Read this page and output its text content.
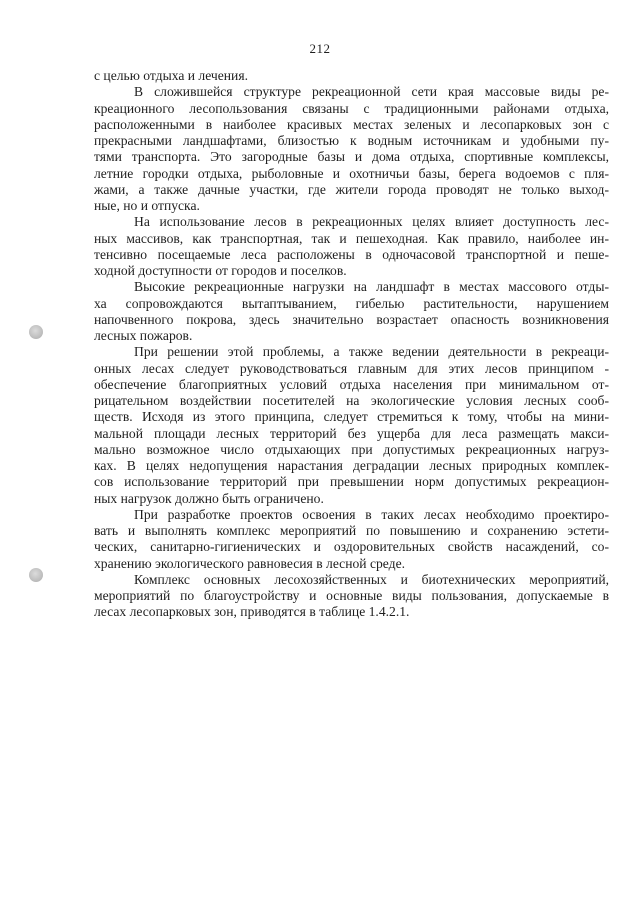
212
с целью отдыха и лечения.
В сложившейся структуре рекреационной сети края массовые виды ре-
креационного лесопользования связаны с традиционными районами отдыха,
расположенными в наиболее красивых местах зеленых и лесопарковых зон с
прекрасными ландшафтами, близостью к водным источникам и удобными пу-
тями транспорта. Это загородные базы и дома отдыха, спортивные комплексы,
летние городки отдыха, рыболовные и охотничьи базы, берега водоемов с пля-
жами, а также дачные участки, где жители города проводят не только выход-
ные, но и отпуска.
На использование лесов в рекреационных целях влияет доступность лес-
ных массивов, как транспортная, так и пешеходная. Как правило, наиболее ин-
тенсивно посещаемые леса расположены в одночасовой транспортной и пеше-
ходной доступности от городов и поселков.
Высокие рекреационные нагрузки на ландшафт в местах массового отды-
ха сопровождаются вытаптыванием, гибелью растительности, нарушением
напочвенного покрова, здесь значительно возрастает опасность возникновения
лесных пожаров.
При решении этой проблемы, а также ведении деятельности в рекреаци-
онных лесах следует руководствоваться главным для этих лесов принципом -
обеспечение благоприятных условий отдыха населения при минимальном от-
рицательном воздействии посетителей на экологические условия лесных сооб-
ществ. Исходя из этого принципа, следует стремиться к тому, чтобы на мини-
мальной площади лесных территорий без ущерба для леса размещать макси-
мально возможное число отдыхающих при допустимых рекреационных нагруз-
ках. В целях недопущения нарастания деградации лесных природных комплек-
сов использование территорий при превышении норм допустимых рекреацион-
ных нагрузок должно быть ограничено.
При разработке проектов освоения в таких лесах необходимо проектиро-
вать и выполнять комплекс мероприятий по повышению и сохранению эстети-
ческих, санитарно-гигиенических и оздоровительных свойств насаждений, со-
хранению экологического равновесия в лесной среде.
Комплекс основных лесохозяйственных и биотехнических мероприятий,
мероприятий по благоустройству и основные виды пользования, допускаемые в
лесах лесопарковых зон, приводятся в таблице 1.4.2.1.
